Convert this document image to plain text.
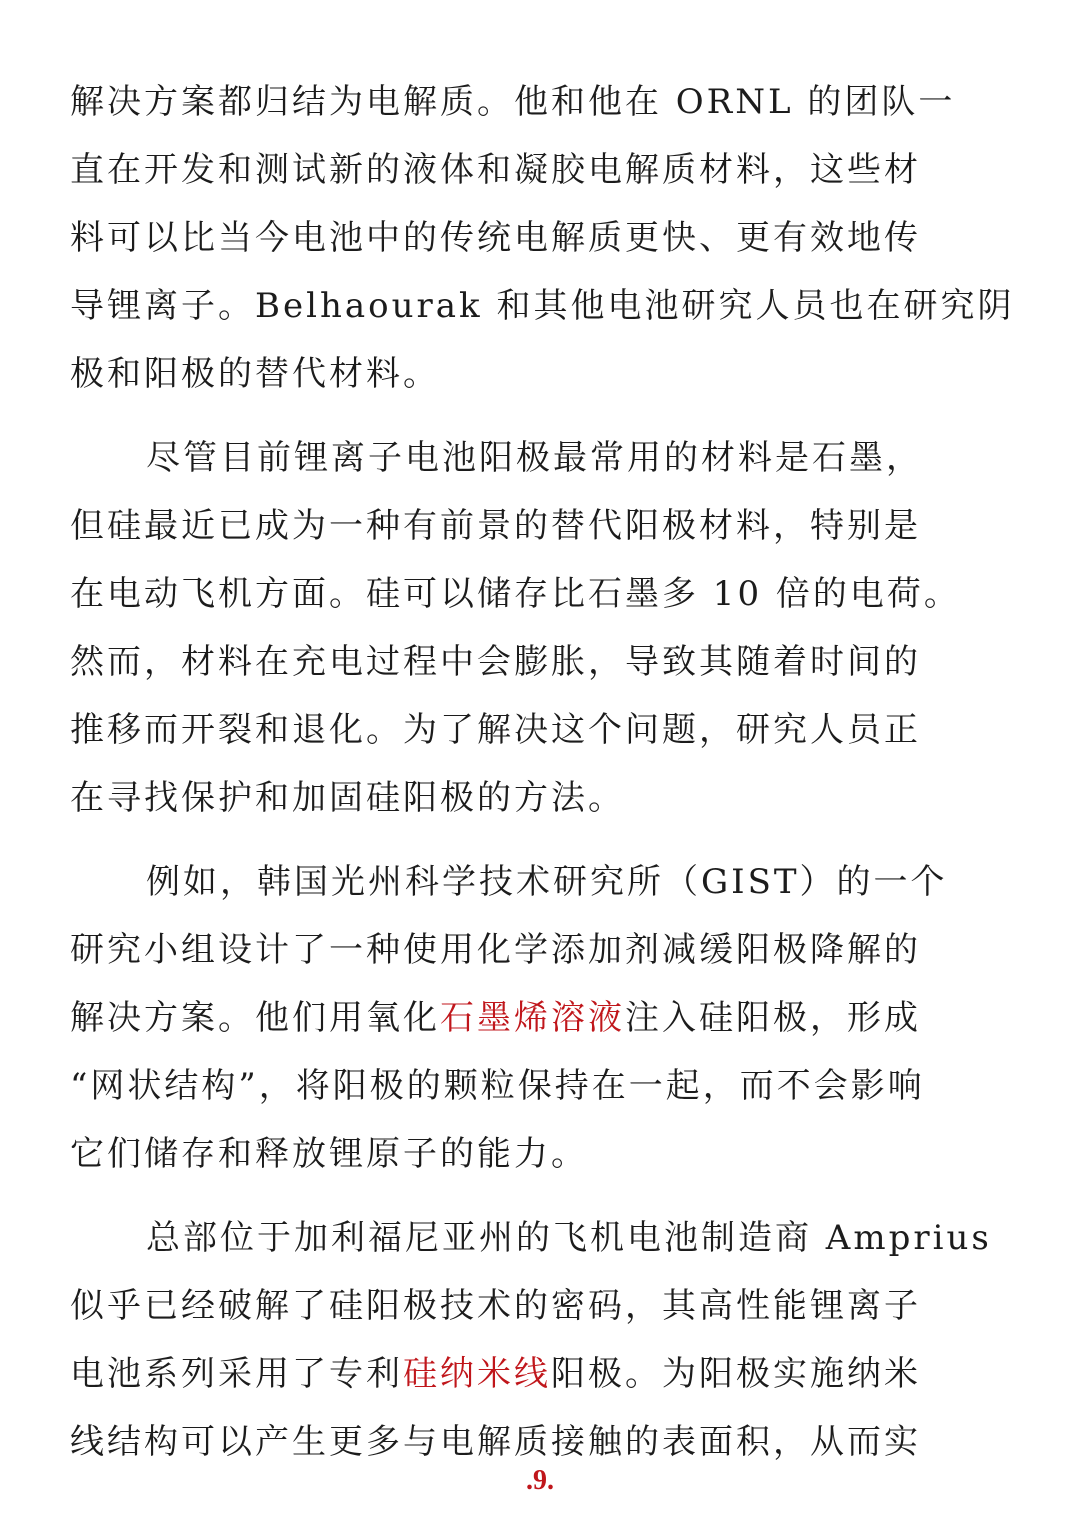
解决方案都归结为电解质。他和他在 ORNL 的团队一
直在开发和测试新的液体和凝胶电解质材料，这些材
料可以比当今电池中的传统电解质更快、更有效地传
导锂离子。Belhaourak 和其他电池研究人员也在研究阴
极和阳极的替代材料。
尽管目前锂离子电池阳极最常用的材料是石墨，
但硅最近已成为一种有前景的替代阳极材料，特别是
在电动飞机方面。硅可以储存比石墨多 10 倍的电荷。
然而，材料在充电过程中会膨胀，导致其随着时间的
推移而开裂和退化。为了解决这个问题，研究人员正
在寻找保护和加固硅阳极的方法。
例如，韩国光州科学技术研究所（GIST）的一个
研究小组设计了一种使用化学添加剂减缓阳极降解的
解决方案。他们用氧化石墨烯溶液注入硅阳极，形成
“网状结构”，将阳极的颗粒保持在一起，而不会影响
它们储存和释放锂原子的能力。
总部位于加利福尼亚州的飞机电池制造商 Amprius
似乎已经破解了硅阳极技术的密码，其高性能锂离子
电池系列采用了专利硅纳米线阳极。为阳极实施纳米
线结构可以产生更多与电解质接触的表面积，从而实
.9.
